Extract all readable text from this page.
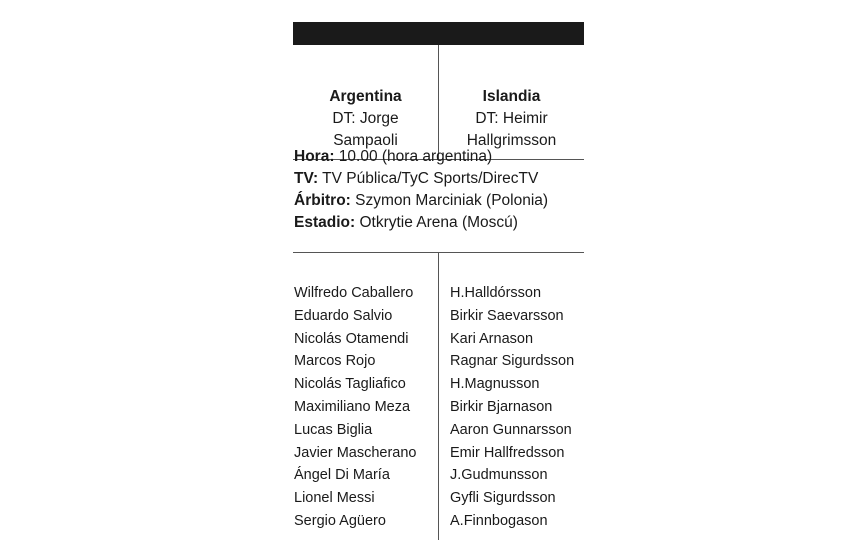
Argentina
DT: Jorge
Sampaoli
Islandia
DT: Heimir
Hallgrimsson
Hora: 10.00 (hora argentina)
TV: TV Pública/TyC Sports/DirecTV
Árbitro: Szymon Marciniak (Polonia)
Estadio: Otkrytie Arena (Moscú)
Wilfredo Caballero
Eduardo Salvio
Nicolás Otamendi
Marcos Rojo
Nicolás Tagliafico
Maximiliano Meza
Lucas Biglia
Javier Mascherano
Ángel Di María
Lionel Messi
Sergio Agüero
H.Halldórsson
Birkir Saevarsson
Kari Arnason
Ragnar Sigurdsson
H.Magnusson
Birkir Bjarnason
Aaron Gunnarsson
Emir Hallfredsson
J.Gudmunsson
Gyfli Sigurdsson
A.Finnbogason
